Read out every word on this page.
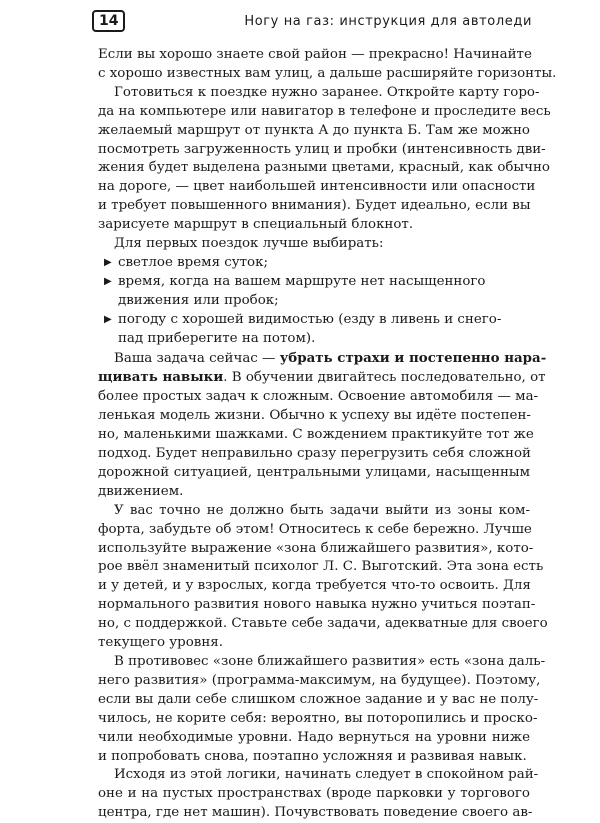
14	Ногу на газ: инструкция для автоледи
Если вы хорошо знаете свой район — прекрасно! Начинайте
с хорошо известных вам улиц, а дальше расширяйте горизонты.
Готовиться к поездке нужно заранее. Откройте карту горо-
да на компьютере или навигатор в телефоне и проследите весь
желаемый маршрут от пункта А до пункта Б. Там же можно
посмотреть загруженность улиц и пробки (интенсивность дви-
жения будет выделена разными цветами, красный, как обычно
на дороге, — цвет наибольшей интенсивности или опасности
и требует повышенного внимания). Будет идеально, если вы
зарисуете маршрут в специальный блокнот.
Для первых поездок лучше выбирать:
▶ светлое время суток;
▶ время, когда на вашем маршруте нет насыщенного
движения или пробок;
▶ погоду с хорошей видимостью (езду в ливень и снего-
пад приберегите на потом).
Ваша задача сейчас — убрать страхи и постепенно нара-
щивать навыки. В обучении двигайтесь последовательно, от
более простых задач к сложным. Освоение автомобиля — ма-
ленькая модель жизни. Обычно к успеху вы идёте постепен-
но, маленькими шажками. С вождением практикуйте тот же
подход. Будет неправильно сразу перегрузить себя сложной
дорожной ситуацией, центральными улицами, насыщенным
движением.
У вас точно не должно быть задачи выйти из зоны ком-
форта, забудьте об этом! Относитесь к себе бережно. Лучше
используйте выражение «зона ближайшего развития», кото-
рое ввёл знаменитый психолог Л. С. Выготский. Эта зона есть
и у детей, и у взрослых, когда требуется что-то освоить. Для
нормального развития нового навыка нужно учиться поэтап-
но, с поддержкой. Ставьте себе задачи, адекватные для своего
текущего уровня.
В противовес «зоне ближайшего развития» есть «зона даль-
него развития» (программа-максимум, на будущее). Поэтому,
если вы дали себе слишком сложное задание и у вас не полу-
чилось, не корите себя: вероятно, вы поторопились и проско-
чили необходимые уровни. Надо вернуться на уровни ниже
и попробовать снова, поэтапно усложняя и развивая навык.
Исходя из этой логики, начинать следует в спокойном рай-
оне и на пустых пространствах (вроде парковки у торгового
центра, где нет машин). Почувствовать поведение своего ав-
